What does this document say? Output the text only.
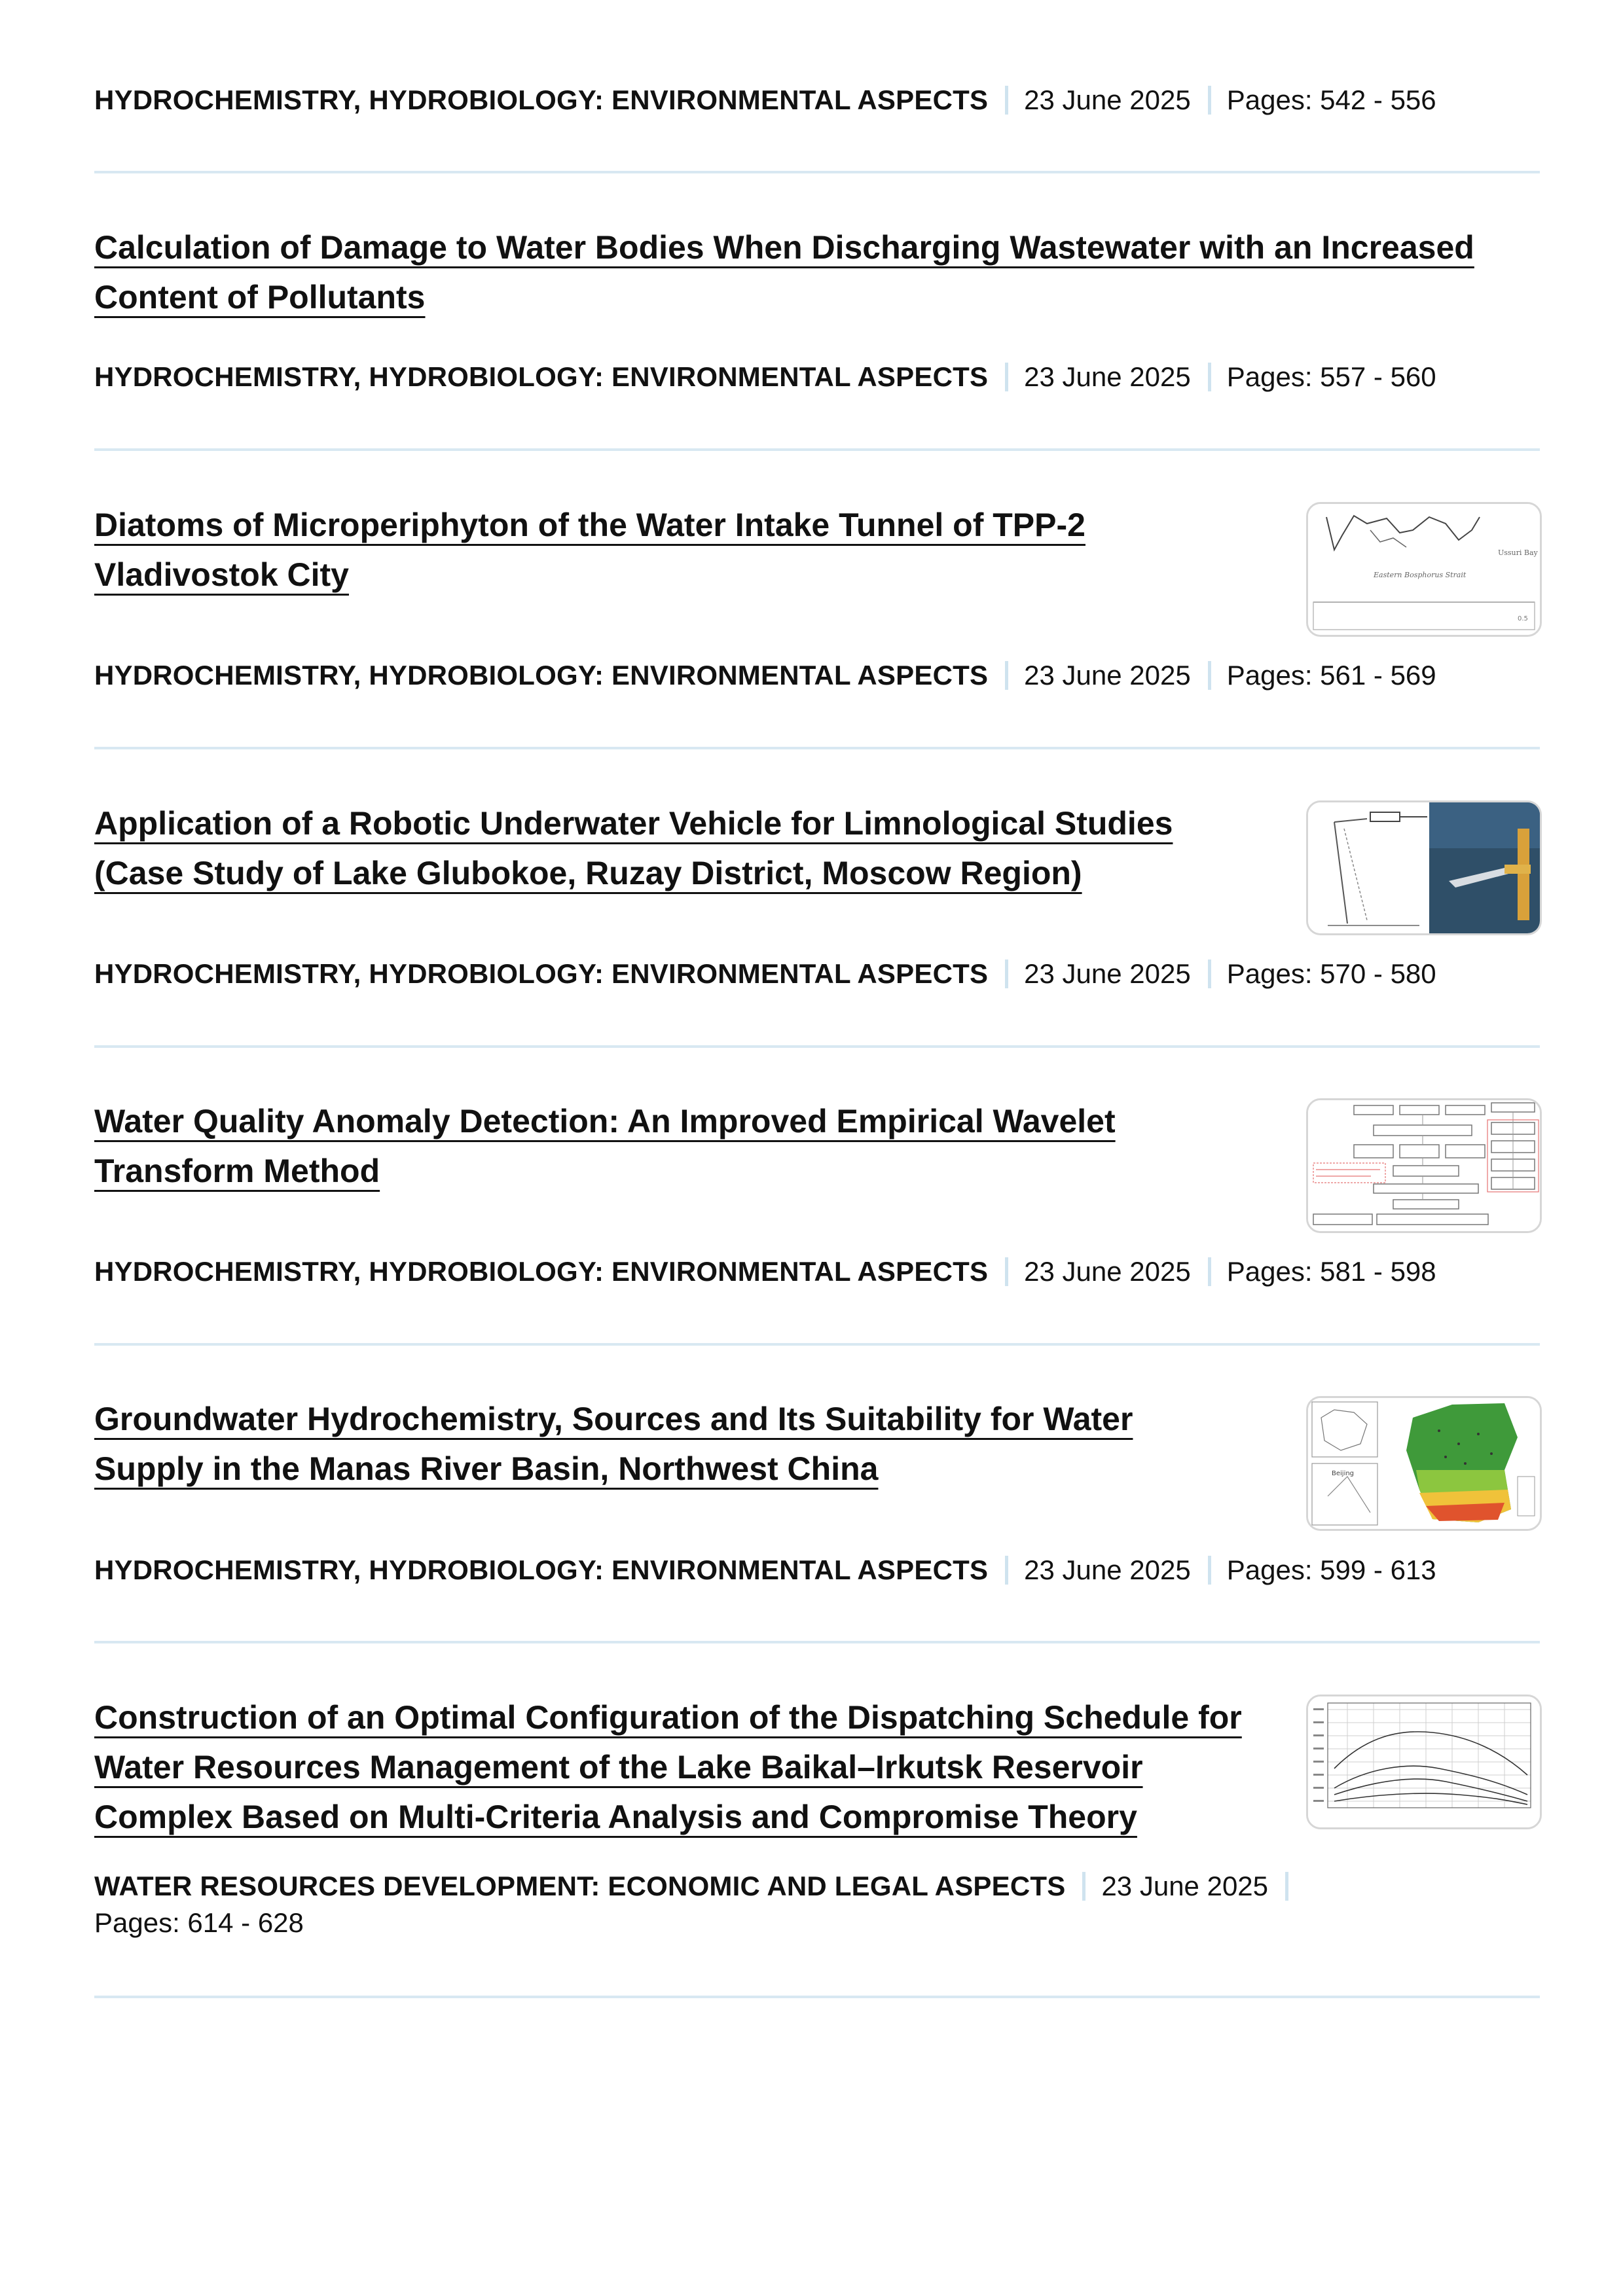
HYDROCHEMISTRY, HYDROBIOLOGY: ENVIRONMENTAL ASPECTS 23 June 2025 Pages: 542 - 556
Calculation of Damage to Water Bodies When Discharging Wastewater with an Increased Content of Pollutants
HYDROCHEMISTRY, HYDROBIOLOGY: ENVIRONMENTAL ASPECTS 23 June 2025 Pages: 557 - 560
Diatoms of Microperiphyton of the Water Intake Tunnel of TPP-2 Vladivostok City	Eastern Bosphorus Strait
Ussuri Bay
0.5
HYDROCHEMISTRY, HYDROBIOLOGY: ENVIRONMENTAL ASPECTS 23 June 2025 Pages: 561 - 569
Application of a Robotic Underwater Vehicle for Limnological Studies (Case Study of Lake Glubokoe, Ruzay District, Moscow Region)
HYDROCHEMISTRY, HYDROBIOLOGY: ENVIRONMENTAL ASPECTS 23 June 2025 Pages: 570 - 580
Water Quality Anomaly Detection: An Improved Empirical Wavelet Transform Method
HYDROCHEMISTRY, HYDROBIOLOGY: ENVIRONMENTAL ASPECTS 23 June 2025 Pages: 581 - 598
Groundwater Hydrochemistry, Sources and Its Suitability for Water Supply in the Manas River Basin, Northwest China	Beijing
HYDROCHEMISTRY, HYDROBIOLOGY: ENVIRONMENTAL ASPECTS 23 June 2025 Pages: 599 - 613
Construction of an Optimal Configuration of the Dispatching Schedule for Water Resources Management of the Lake Baikal–Irkutsk Reservoir Complex Based on Multi-Criteria Analysis and Compromise Theory
WATER RESOURCES DEVELOPMENT: ECONOMIC AND LEGAL ASPECTS 23 June 2025
Pages: 614 - 628
